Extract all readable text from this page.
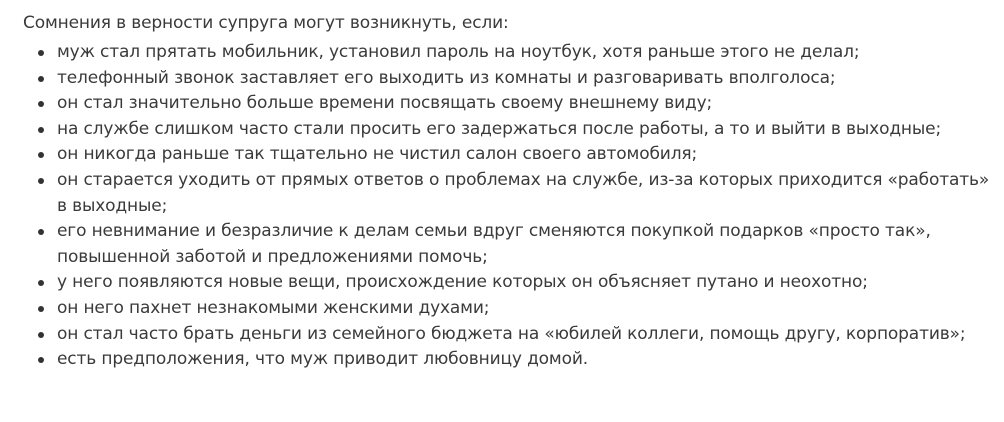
Сомнения в верности супруга могут возникнуть, если:

муж стал прятать мобильник, установил пароль на ноутбук, хотя раньше этого не делал;
телефонный звонок заставляет его выходить из комнаты и разговаривать вполголоса;
он стал значительно больше времени посвящать своему внешнему виду;
на службе слишком часто стали просить его задержаться после работы, а то и выйти в выходные;
он никогда раньше так тщательно не чистил салон своего автомобиля;
он старается уходить от прямых ответов о проблемах на службе, из-за которых приходится «работать» в выходные;
его невнимание и безразличие к делам семьи вдруг сменяются покупкой подарков «просто так», повышенной заботой и предложениями помочь;
у него появляются новые вещи, происхождение которых он объясняет путано и неохотно;
он него пахнет незнакомыми женскими духами;
он стал часто брать деньги из семейного бюджета на «юбилей коллеги, помощь другу, корпоратив»;
есть предположения, что муж приводит любовницу домой.
